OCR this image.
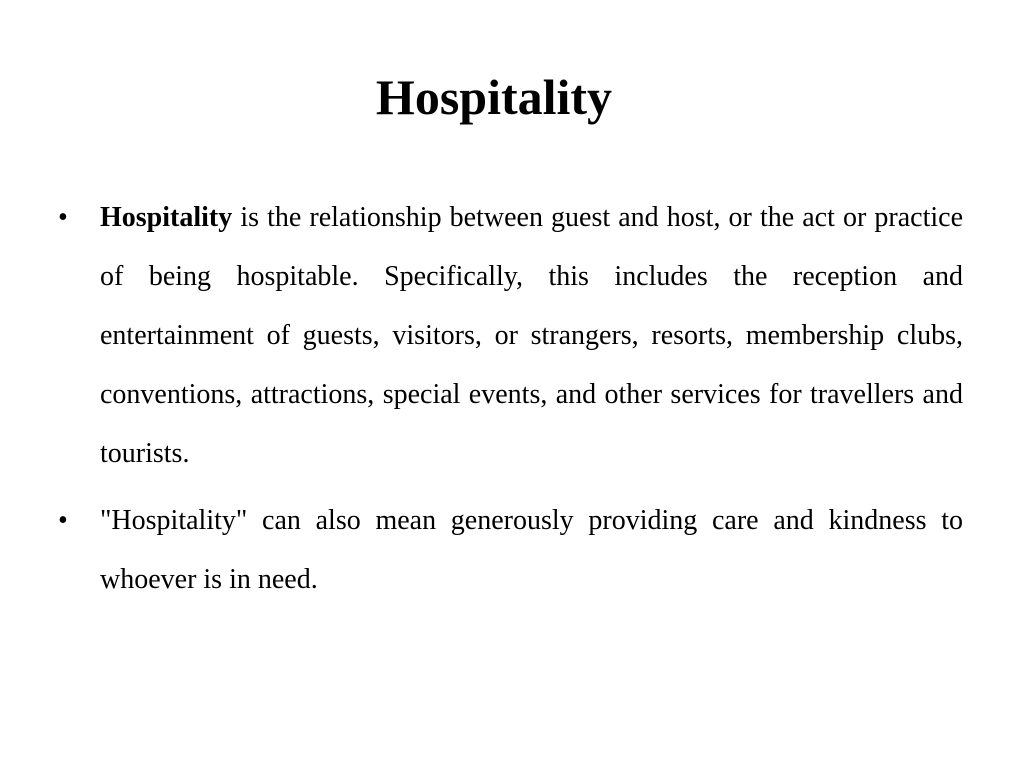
Hospitality
•	Hospitality is the relationship between guest and host, or the act or practice of being hospitable. Specifically, this includes the reception and entertainment of guests, visitors, or strangers, resorts, membership clubs, conventions, attractions, special events, and other services for travellers and tourists.
•	"Hospitality" can also mean generously providing care and kindness to whoever is in need.
